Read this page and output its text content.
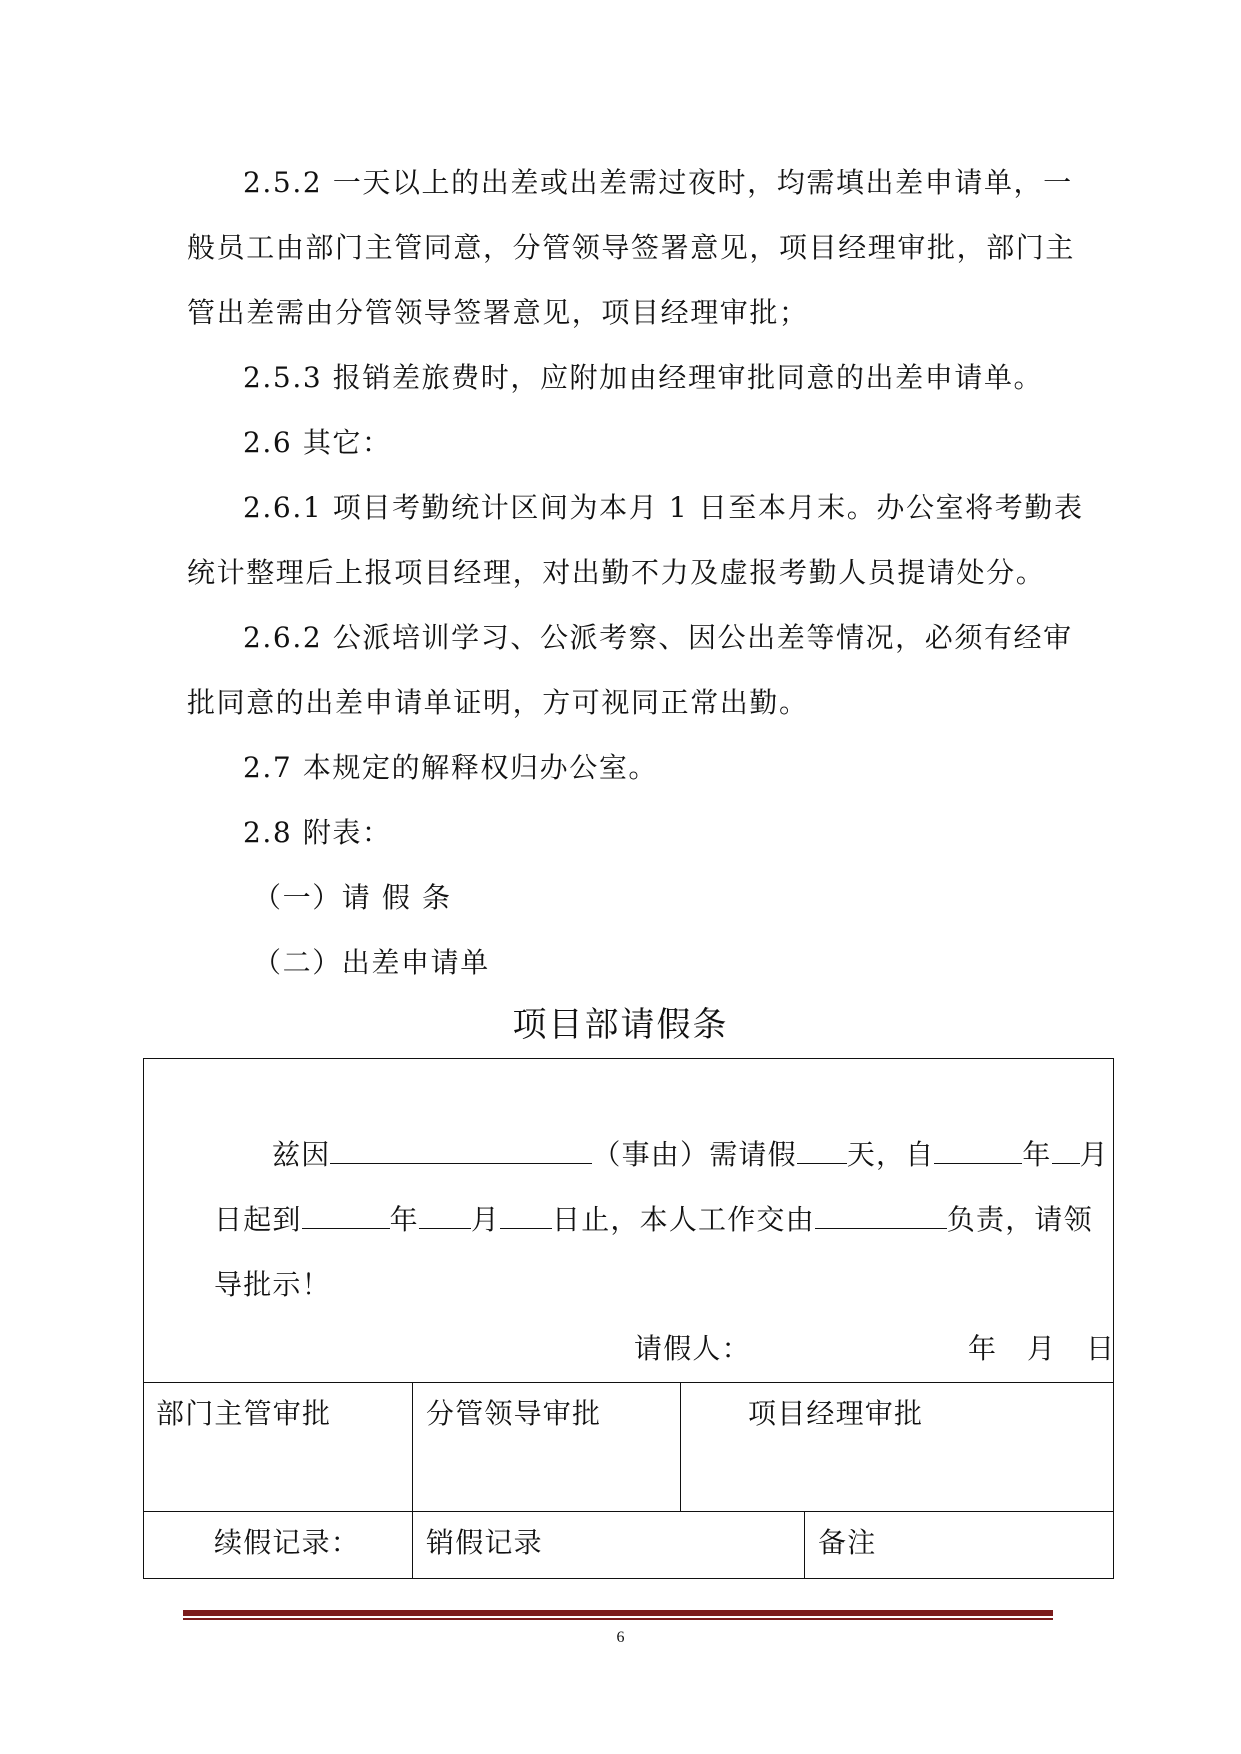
2.5.2 一天以上的出差或出差需过夜时，均需填出差申请单，一
般员工由部门主管同意，分管领导签署意见，项目经理审批，部门主
管出差需由分管领导签署意见，项目经理审批；
2.5.3 报销差旅费时，应附加由经理审批同意的出差申请单。
2.6 其它：
2.6.1 项目考勤统计区间为本月 1 日至本月末。办公室将考勤表
统计整理后上报项目经理，对出勤不力及虚报考勤人员提请处分。
2.6.2 公派培训学习、公派考察、因公出差等情况，必须有经审
批同意的出差申请单证明，方可视同正常出勤。
2.7 本规定的解释权归办公室。
2.8 附表：
（一）请 假 条
（二）出差申请单
项目部请假条
兹因	（事由）需请假 天，自	年 月
日起到	年 月 日止，本人工作交由	负责，请领
导批示！
请假人：	年 月 日
部门主管审批	分管领导审批	项目经理审批
续假记录： 销假记录	备注
6
